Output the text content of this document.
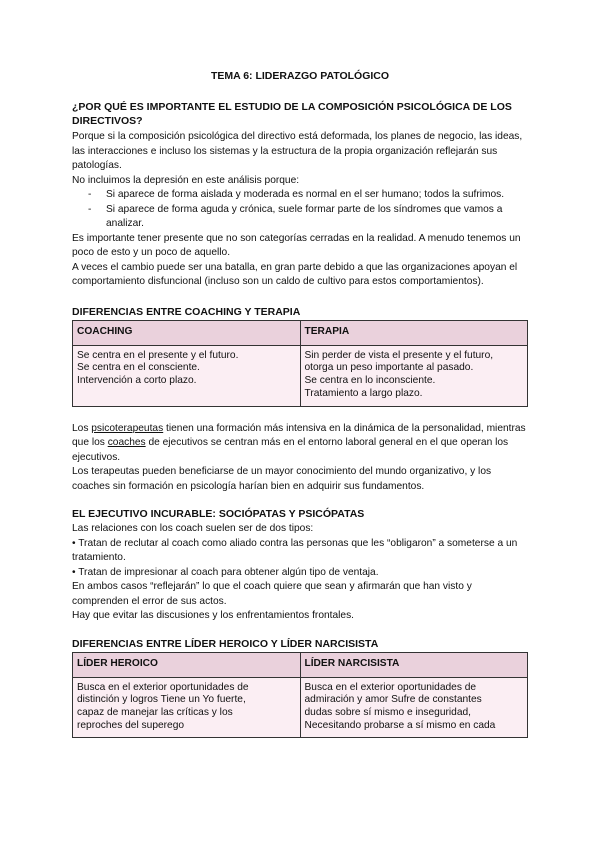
TEMA 6: LIDERAZGO PATOLÓGICO
¿POR QUÉ ES IMPORTANTE EL ESTUDIO DE LA COMPOSICIÓN PSICOLÓGICA DE LOS DIRECTIVOS?

Porque si la composición psicológica del directivo está deformada, los planes de negocio, las ideas, las interacciones e incluso los sistemas y la estructura de la propia organización reflejarán sus patologías.

No incluimos la depresión en este análisis porque:

- Si aparece de forma aislada y moderada es normal en el ser humano; todos la sufrimos.
- Si aparece de forma aguda y crónica, suele formar parte de los síndromes que vamos a analizar.

Es importante tener presente que no son categorías cerradas en la realidad. A menudo tenemos un poco de esto y un poco de aquello.

A veces el cambio puede ser una batalla, en gran parte debido a que las organizaciones apoyan el comportamiento disfuncional (incluso son un caldo de cultivo para estos comportamientos).

DIFERENCIAS ENTRE COACHING Y TERAPIA
COACHING	TERAPIA

Se centra en el presente y el futuro.
Se centra en el consciente.
Intervención a corto plazo.	Sin perder de vista el presente y el futuro,
otorga un peso importante al pasado.
Se centra en lo inconsciente.
Tratamiento a largo plazo.

Los psicoterapeutas tienen una formación más intensiva en la dinámica de la personalidad, mientras que los coaches de ejecutivos se centran más en el entorno laboral general en el que operan los ejecutivos.

Los terapeutas pueden beneficiarse de un mayor conocimiento del mundo organizativo, y los coaches sin formación en psicología harían bien en adquirir sus fundamentos.

EL EJECUTIVO INCURABLE: SOCIÓPATAS Y PSICÓPATAS

Las relaciones con los coach suelen ser de dos tipos:

• Tratan de reclutar al coach como aliado contra las personas que les “obligaron” a someterse a un tratamiento.

• Tratan de impresionar al coach para obtener algún tipo de ventaja.

En ambos casos “reflejarán” lo que el coach quiere que sean y afirmarán que han visto y comprenden el error de sus actos.

Hay que evitar las discusiones y los enfrentamientos frontales.

DIFERENCIAS ENTRE LÍDER HEROICO Y LÍDER NARCISISTA
LÍDER HEROICO	LÍDER NARCISISTA

Busca en el exterior oportunidades de
distinción y logros Tiene un Yo fuerte,
capaz de manejar las críticas y los
reproches del superego	Busca en el exterior oportunidades de
admiración y amor Sufre de constantes
dudas sobre sí mismo e inseguridad,
Necesitando probarse a sí mismo en cada
